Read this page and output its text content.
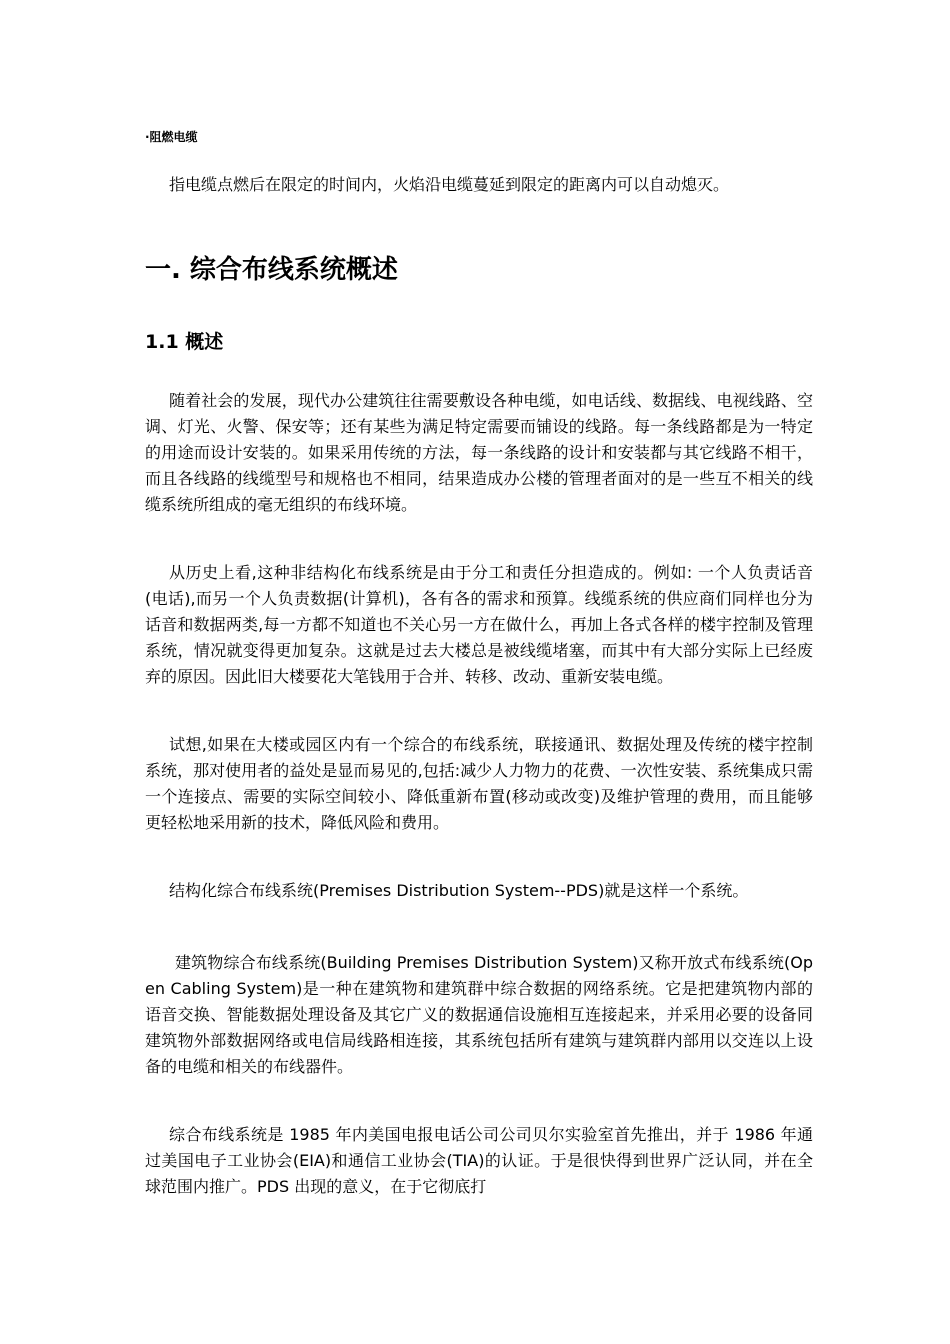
·阻燃电缆

指电缆点燃后在限定的时间内，火焰沿电缆蔓延到限定的距离内可以自动熄灭。

一. 综合布线系统概述
1.1 概述

随着社会的发展，现代办公建筑往往需要敷设各种电缆，如电话线、数据线、电视线路、空调、灯光、火警、保安等；还有某些为满足特定需要而铺设的线路。每一条线路都是为一特定的用途而设计安装的。如果采用传统的方法，每一条线路的设计和安装都与其它线路不相干，而且各线路的线缆型号和规格也不相同，结果造成办公楼的管理者面对的是一些互不相关的线缆系统所组成的毫无组织的布线环境。

从历史上看,这种非结构化布线系统是由于分工和责任分担造成的。例如: 一个人负责话音(电话),而另一个人负责数据(计算机)，各有各的需求和预算。线缆系统的供应商们同样也分为话音和数据两类,每一方都不知道也不关心另一方在做什么，再加上各式各样的楼宇控制及管理系统，情况就变得更加复杂。这就是过去大楼总是被线缆堵塞，而其中有大部分实际上已经废弃的原因。因此旧大楼要花大笔钱用于合并、转移、改动、重新安装电缆。

试想,如果在大楼或园区内有一个综合的布线系统，联接通讯、数据处理及传统的楼宇控制系统，那对使用者的益处是显而易见的,包括:减少人力物力的花费、一次性安装、系统集成只需一个连接点、需要的实际空间较小、降低重新布置(移动或改变)及维护管理的费用，而且能够更轻松地采用新的技术，降低风险和费用。

结构化综合布线系统(Premises Distribution System--PDS)就是这样一个系统。

建筑物综合布线系统(Building Premises Distribution System)又称开放式布线系统(Open Cabling System)是一种在建筑物和建筑群中综合数据的网络系统。它是把建筑物内部的语音交换、智能数据处理设备及其它广义的数据通信设施相互连接起来，并采用必要的设备同建筑物外部数据网络或电信局线路相连接，其系统包括所有建筑与建筑群内部用以交连以上设备的电缆和相关的布线器件。

综合布线系统是 1985 年内美国电报电话公司公司贝尔实验室首先推出，并于 1986 年通过美国电子工业协会(EIA)和通信工业协会(TIA)的认证。于是很快得到世界广泛认同，并在全球范围内推广。PDS 出现的意义，在于它彻底打
